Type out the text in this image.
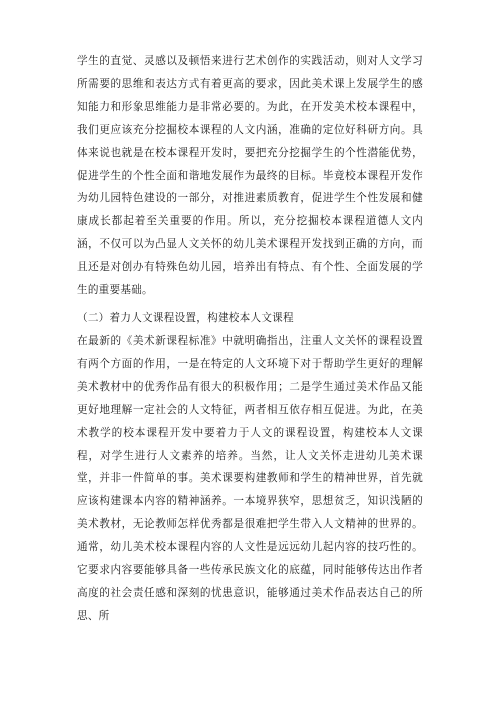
学生的直觉、灵感以及顿悟来进行艺术创作的实践活动，则对人文学习所需要的思维和表达方式有着更高的要求，因此美术课上发展学生的感知能力和形象思维能力是非常必要的。为此，在开发美术校本课程中，我们更应该充分挖掘校本课程的人文内涵，准确的定位好科研方向。具体来说也就是在校本课程开发时，要把充分挖掘学生的个性潜能优势，促进学生的个性全面和谐地发展作为最终的目标。毕竟校本课程开发作为幼儿园特色建设的一部分，对推进素质教育，促进学生个性发展和健康成长都起着至关重要的作用。所以，充分挖掘校本课程道德人文内涵，不仅可以为凸显人文关怀的幼儿美术课程开发找到正确的方向，而且还是对创办有特殊色幼儿园，培养出有特点、有个性、全面发展的学生的重要基础。

（二）着力人文课程设置，构建校本人文课程

在最新的《美术新课程标准》中就明确指出，注重人文关怀的课程设置有两个方面的作用，一是在特定的人文环境下对于帮助学生更好的理解美术教材中的优秀作品有很大的积极作用；二是学生通过美术作品又能更好地理解一定社会的人文特征，两者相互依存相互促进。为此，在美术教学的校本课程开发中要着力于人文的课程设置，构建校本人文课程，对学生进行人文素养的培养。当然，让人文关怀走进幼儿美术课堂，并非一件简单的事。美术课要构建教师和学生的精神世界，首先就应该构建课本内容的精神涵养。一本境界狭窄，思想贫乏，知识浅陋的美术教材，无论教师怎样优秀都是很难把学生带入人文精神的世界的。通常，幼儿美术校本课程内容的人文性是远远幼儿起内容的技巧性的。它要求内容要能够具备一些传承民族文化的底蕴，同时能够传达出作者高度的社会责任感和深刻的忧患意识，能够通过美术作品表达自己的所思、所
